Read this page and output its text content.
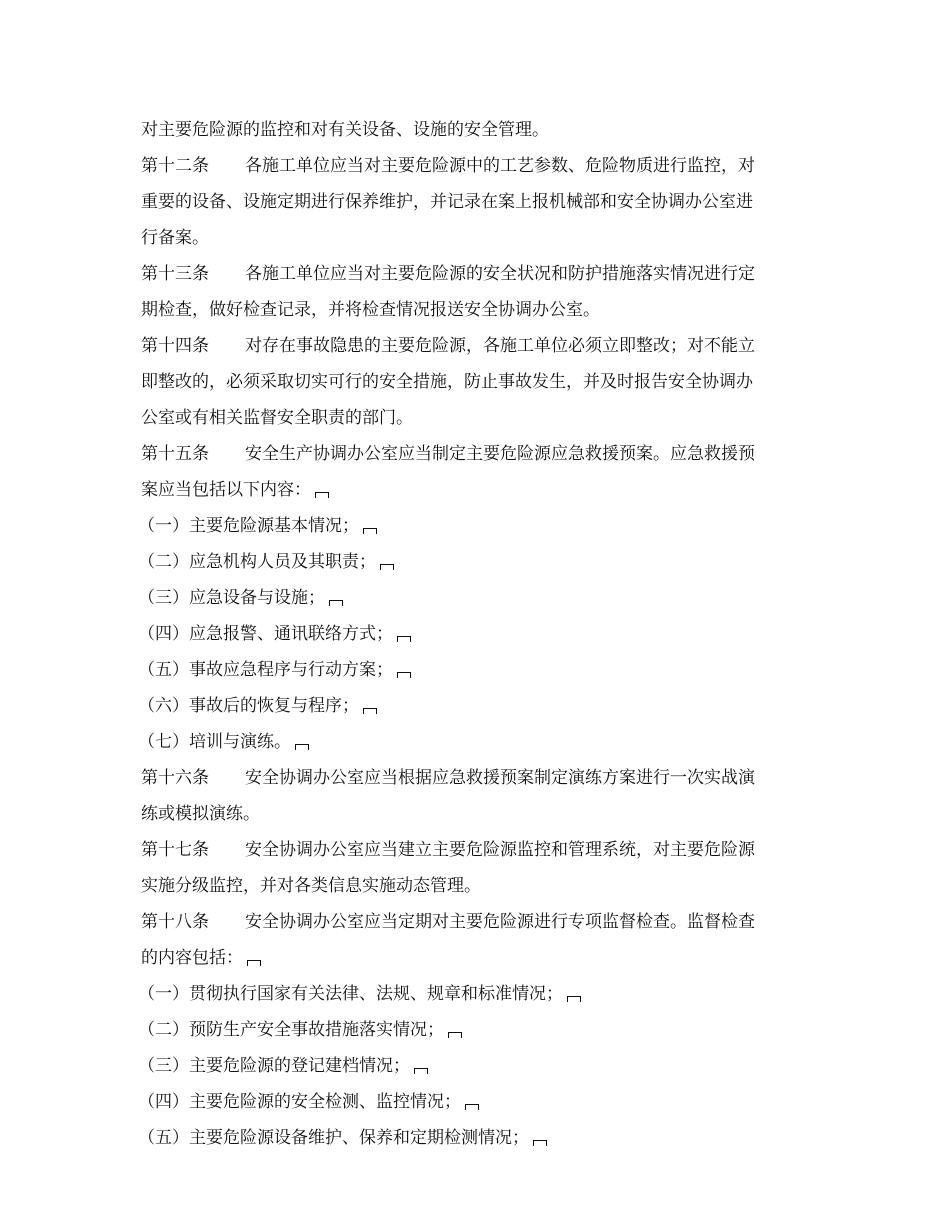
对主要危险源的监控和对有关设备、设施的安全管理。
第十二条 各施工单位应当对主要危险源中的工艺参数、危险物质进行监控，对
重要的设备、设施定期进行保养维护，并记录在案上报机械部和安全协调办公室进
行备案。
第十三条 各施工单位应当对主要危险源的安全状况和防护措施落实情况进行定
期检查，做好检查记录，并将检查情况报送安全协调办公室。
第十四条 对存在事故隐患的主要危险源，各施工单位必须立即整改；对不能立
即整改的，必须采取切实可行的安全措施，防止事故发生，并及时报告安全协调办
公室或有相关监督安全职责的部门。
第十五条 安全生产协调办公室应当制定主要危险源应急救援预案。应急救援预
案应当包括以下内容：
（一）主要危险源基本情况；
（二）应急机构人员及其职责；
（三）应急设备与设施；
（四）应急报警、通讯联络方式；
（五）事故应急程序与行动方案；
（六）事故后的恢复与程序；
（七）培训与演练。
第十六条 安全协调办公室应当根据应急救援预案制定演练方案进行一次实战演
练或模拟演练。
第十七条 安全协调办公室应当建立主要危险源监控和管理系统，对主要危险源
实施分级监控，并对各类信息实施动态管理。
第十八条 安全协调办公室应当定期对主要危险源进行专项监督检查。监督检查
的内容包括：
（一）贯彻执行国家有关法律、法规、规章和标准情况；
（二）预防生产安全事故措施落实情况；
（三）主要危险源的登记建档情况；
（四）主要危险源的安全检测、监控情况；
（五）主要危险源设备维护、保养和定期检测情况；
